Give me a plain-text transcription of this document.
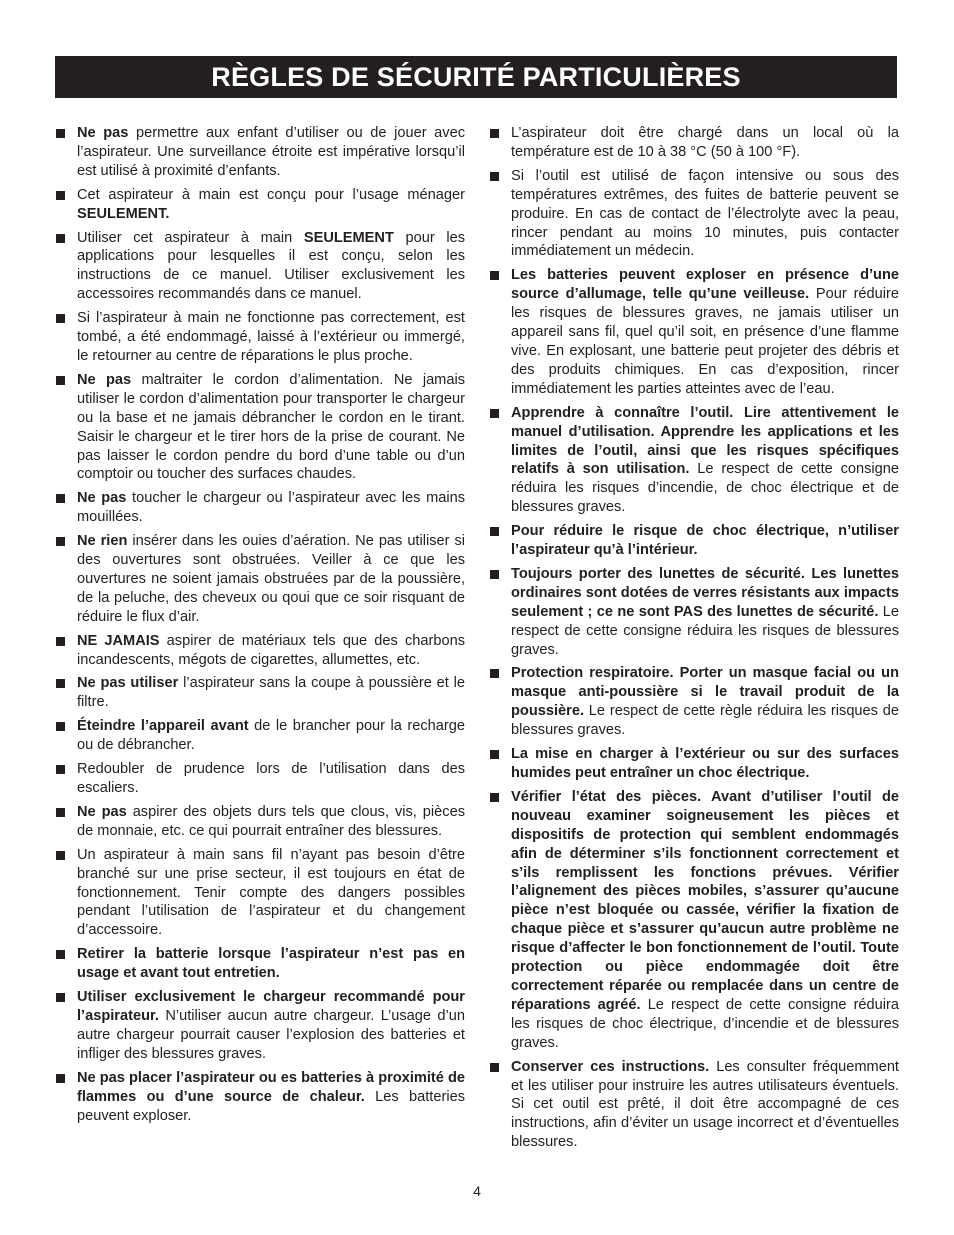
RÈGLES DE SÉCURITÉ PARTICULIÈRES
Ne pas permettre aux enfant d’utiliser ou de jouer avec l’aspirateur. Une surveillance étroite est impérative lorsqu’il est utilisé à proximité d’enfants.
Cet aspirateur à main est conçu pour l’usage ménager SEULEMENT.
Utiliser cet aspirateur à main SEULEMENT pour les applications pour lesquelles il est conçu, selon les instructions de ce manuel. Utiliser exclusivement les accessoires recommandés dans ce manuel.
Si l’aspirateur à main ne fonctionne pas correctement, est tombé, a été endommagé, laissé à l’extérieur ou immergé, le retourner au centre de réparations le plus proche.
Ne pas maltraiter le cordon d’alimentation. Ne jamais utiliser le cordon d’alimentation pour transporter le chargeur ou la base et ne jamais débrancher le cordon en le tirant. Saisir le chargeur et le tirer hors de la prise de courant. Ne pas laisser le cordon pendre du bord d’une table ou d’un comptoir ou toucher des surfaces chaudes.
Ne pas toucher le chargeur ou l’aspirateur avec les mains mouillées.
Ne rien insérer dans les ouies d’aération. Ne pas utiliser si des ouvertures sont obstruées. Veiller à ce que les ouvertures ne soient jamais obstruées par de la poussière, de la peluche, des cheveux ou qoui que ce soir risquant de réduire le flux d’air.
NE JAMAIS aspirer de matériaux tels que des charbons incandescents, mégots de cigarettes, allumettes, etc.
Ne pas utiliser l’aspirateur sans la coupe à poussière et le filtre.
Éteindre l’appareil avant de le brancher pour la recharge ou de débrancher.
Redoubler de prudence lors de l’utilisation dans des escaliers.
Ne pas aspirer des objets durs tels que clous, vis, pièces de monnaie, etc. ce qui pourrait entraîner des blessures.
Un aspirateur à main sans fil n’ayant pas besoin d’être branché sur une prise secteur, il est toujours en état de fonctionnement. Tenir compte des dangers possibles pendant l’utilisation de l’aspirateur et du changement d’accessoire.
Retirer la batterie lorsque l’aspirateur n’est pas en usage et avant tout entretien.
Utiliser exclusivement le chargeur recommandé pour l’aspirateur. N’utiliser aucun autre chargeur. L’usage d’un autre chargeur pourrait causer l’explosion des batteries et infliger des blessures graves.
Ne pas placer l’aspirateur ou es batteries à proximité de flammes ou d’une source de chaleur. Les batteries peuvent exploser.
L’aspirateur doit être chargé dans un local où la température est de 10 à 38 °C (50 à 100 °F).
Si l’outil est utilisé de façon intensive ou sous des températures extrêmes, des fuites de batterie peuvent se produire. En cas de contact de l’électrolyte avec la peau, rincer pendant au moins 10 minutes, puis contacter immédiatement un médecin.
Les batteries peuvent exploser en présence d’une source d’allumage, telle qu’une veilleuse. Pour réduire les risques de blessures graves, ne jamais utiliser un appareil sans fil, quel qu’il soit, en présence d’une flamme vive. En explosant, une batterie peut projeter des débris et des produits chimiques. En cas d’exposition, rincer immédiatement les parties atteintes avec de l’eau.
Apprendre à connaître l’outil. Lire attentivement le manuel d’utilisation. Apprendre les applications et les limites de l’outil, ainsi que les risques spécifiques relatifs à son utilisation. Le respect de cette consigne réduira les risques d’incendie, de choc électrique et de blessures graves.
Pour réduire le risque de choc électrique, n’utiliser l’aspirateur qu’à l’intérieur.
Toujours porter des lunettes de sécurité. Les lunettes ordinaires sont dotées de verres résistants aux impacts seulement ; ce ne sont PAS des lunettes de sécurité. Le respect de cette consigne réduira les risques de blessures graves.
Protection respiratoire. Porter un masque facial ou un masque anti-poussière si le travail produit de la poussière. Le respect de cette règle réduira les risques de blessures graves.
La mise en charger à l’extérieur ou sur des surfaces humides peut entraîner un choc électrique.
Vérifier l’état des pièces. Avant d’utiliser l’outil de nouveau examiner soigneusement les pièces et dispositifs de protection qui semblent endommagés afin de déterminer s’ils fonctionnent correctement et s’ils remplissent les fonctions prévues. Vérifier l’alignement des pièces mobiles, s’assurer qu’aucune pièce n’est bloquée ou cassée, vérifier la fixation de chaque pièce et s’assurer qu’aucun autre problème ne risque d’affecter le bon fonctionnement de l’outil. Toute protection ou pièce endommagée doit être correctement réparée ou remplacée dans un centre de réparations agréé. Le respect de cette consigne réduira les risques de choc électrique, d’incendie et de blessures graves.
Conserver ces instructions. Les consulter fréquemment et les utiliser pour instruire les autres utilisateurs éventuels. Si cet outil est prêté, il doit être accompagné de ces instructions, afin d’éviter un usage incorrect et d’éventuelles blessures.
4
